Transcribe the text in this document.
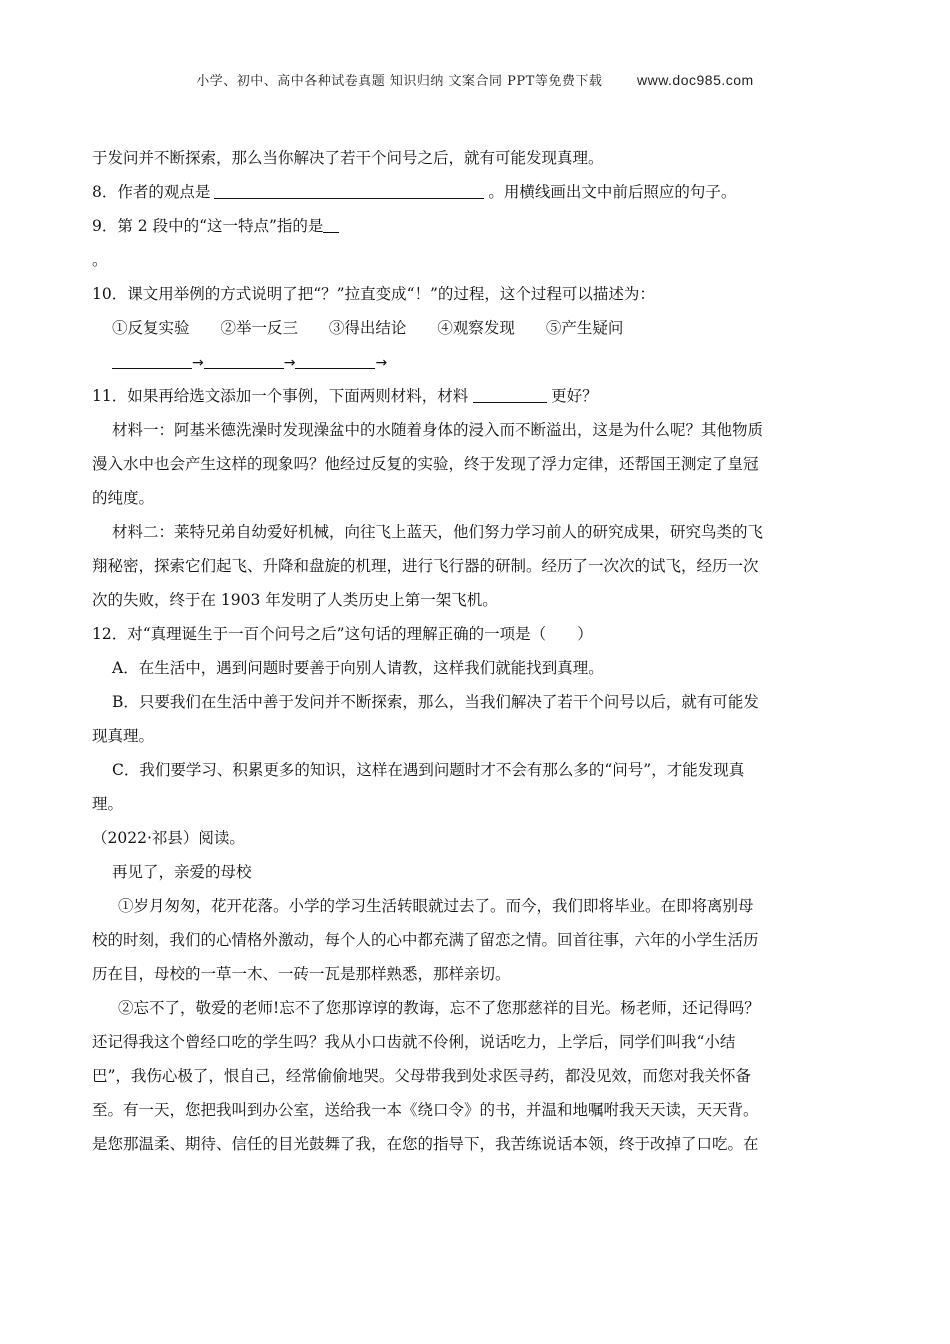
小学、初中、高中各种试卷真题 知识归纳 文案合同 PPT等免费下载 www.doc985.com
于发问并不断探索，那么当你解决了若干个问号之后，就有可能发现真理。
8．作者的观点是	。用横线画出文中前后照应的句子。
9．第 2 段中的“这一特点”指的是
。
10．课文用举例的方式说明了把“？”拉直变成“！”的过程，这个过程可以描述为：
①反复实验 ②举一反三 ③得出结论 ④观察发现 ⑤产生疑问
→	→	→
11．如果再给选文添加一个事例，下面两则材料，材料	更好？
材料一：阿基米德洗澡时发现澡盆中的水随着身体的浸入而不断溢出，这是为什么呢？其他物质
漫入水中也会产生这样的现象吗？他经过反复的实验，终于发现了浮力定律，还帮国王测定了皇冠
的纯度。
材料二：莱特兄弟自幼爱好机械，向往飞上蓝天，他们努力学习前人的研究成果，研究鸟类的飞
翔秘密，探索它们起飞、升降和盘旋的机理，进行飞行器的研制。经历了一次次的试飞，经历一次
次的失败，终于在 1903 年发明了人类历史上第一架飞机。
12．对“真理诞生于一百个问号之后”这句话的理解正确的一项是（　　）
A．在生活中，遇到问题时要善于向别人请教，这样我们就能找到真理。
B．只要我们在生活中善于发问并不断探索，那么，当我们解决了若干个问号以后，就有可能发
现真理。
C．我们要学习、积累更多的知识，这样在遇到问题时才不会有那么多的“问号”，才能发现真
理。
（2022·祁县）阅读。
再见了，亲爱的母校
①岁月匆匆，花开花落。小学的学习生活转眼就过去了。而今，我们即将毕业。在即将离别母
校的时刻，我们的心情格外激动，每个人的心中都充满了留恋之情。回首往事，六年的小学生活历
历在目，母校的一草一木、一砖一瓦是那样熟悉，那样亲切。
②忘不了，敬爱的老师!忘不了您那谆谆的教诲，忘不了您那慈祥的目光。杨老师，还记得吗？
还记得我这个曾经口吃的学生吗？我从小口齿就不伶俐，说话吃力，上学后，同学们叫我“小结
巴”，我伤心极了，恨自己，经常偷偷地哭。父母带我到处求医寻药，都没见效，而您对我关怀备
至。有一天，您把我叫到办公室，送给我一本《绕口令》的书，并温和地嘱咐我天天读，天天背。
是您那温柔、期待、信任的目光鼓舞了我，在您的指导下，我苦练说话本领，终于改掉了口吃。在
